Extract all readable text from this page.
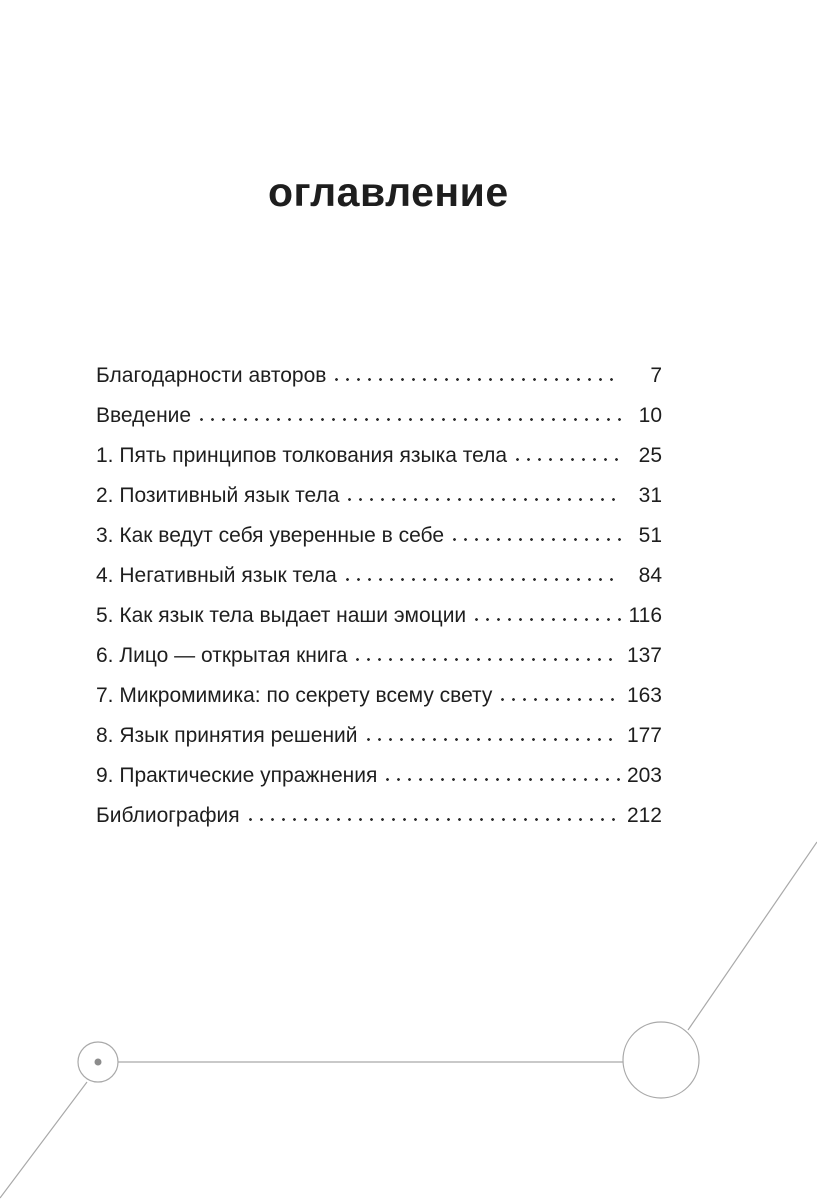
оглавление
Благодарности авторов	7
Введение	10
1. Пять принципов толкования языка тела	25
2. Позитивный язык тела	31
3. Как ведут себя уверенные в себе	51
4. Негативный язык тела	84
5. Как язык тела выдает наши эмоции	116
6. Лицо — открытая книга	137
7. Микромимика: по секрету всему свету	163
8. Язык принятия решений	177
9. Практические упражнения	203
Библиография	212
